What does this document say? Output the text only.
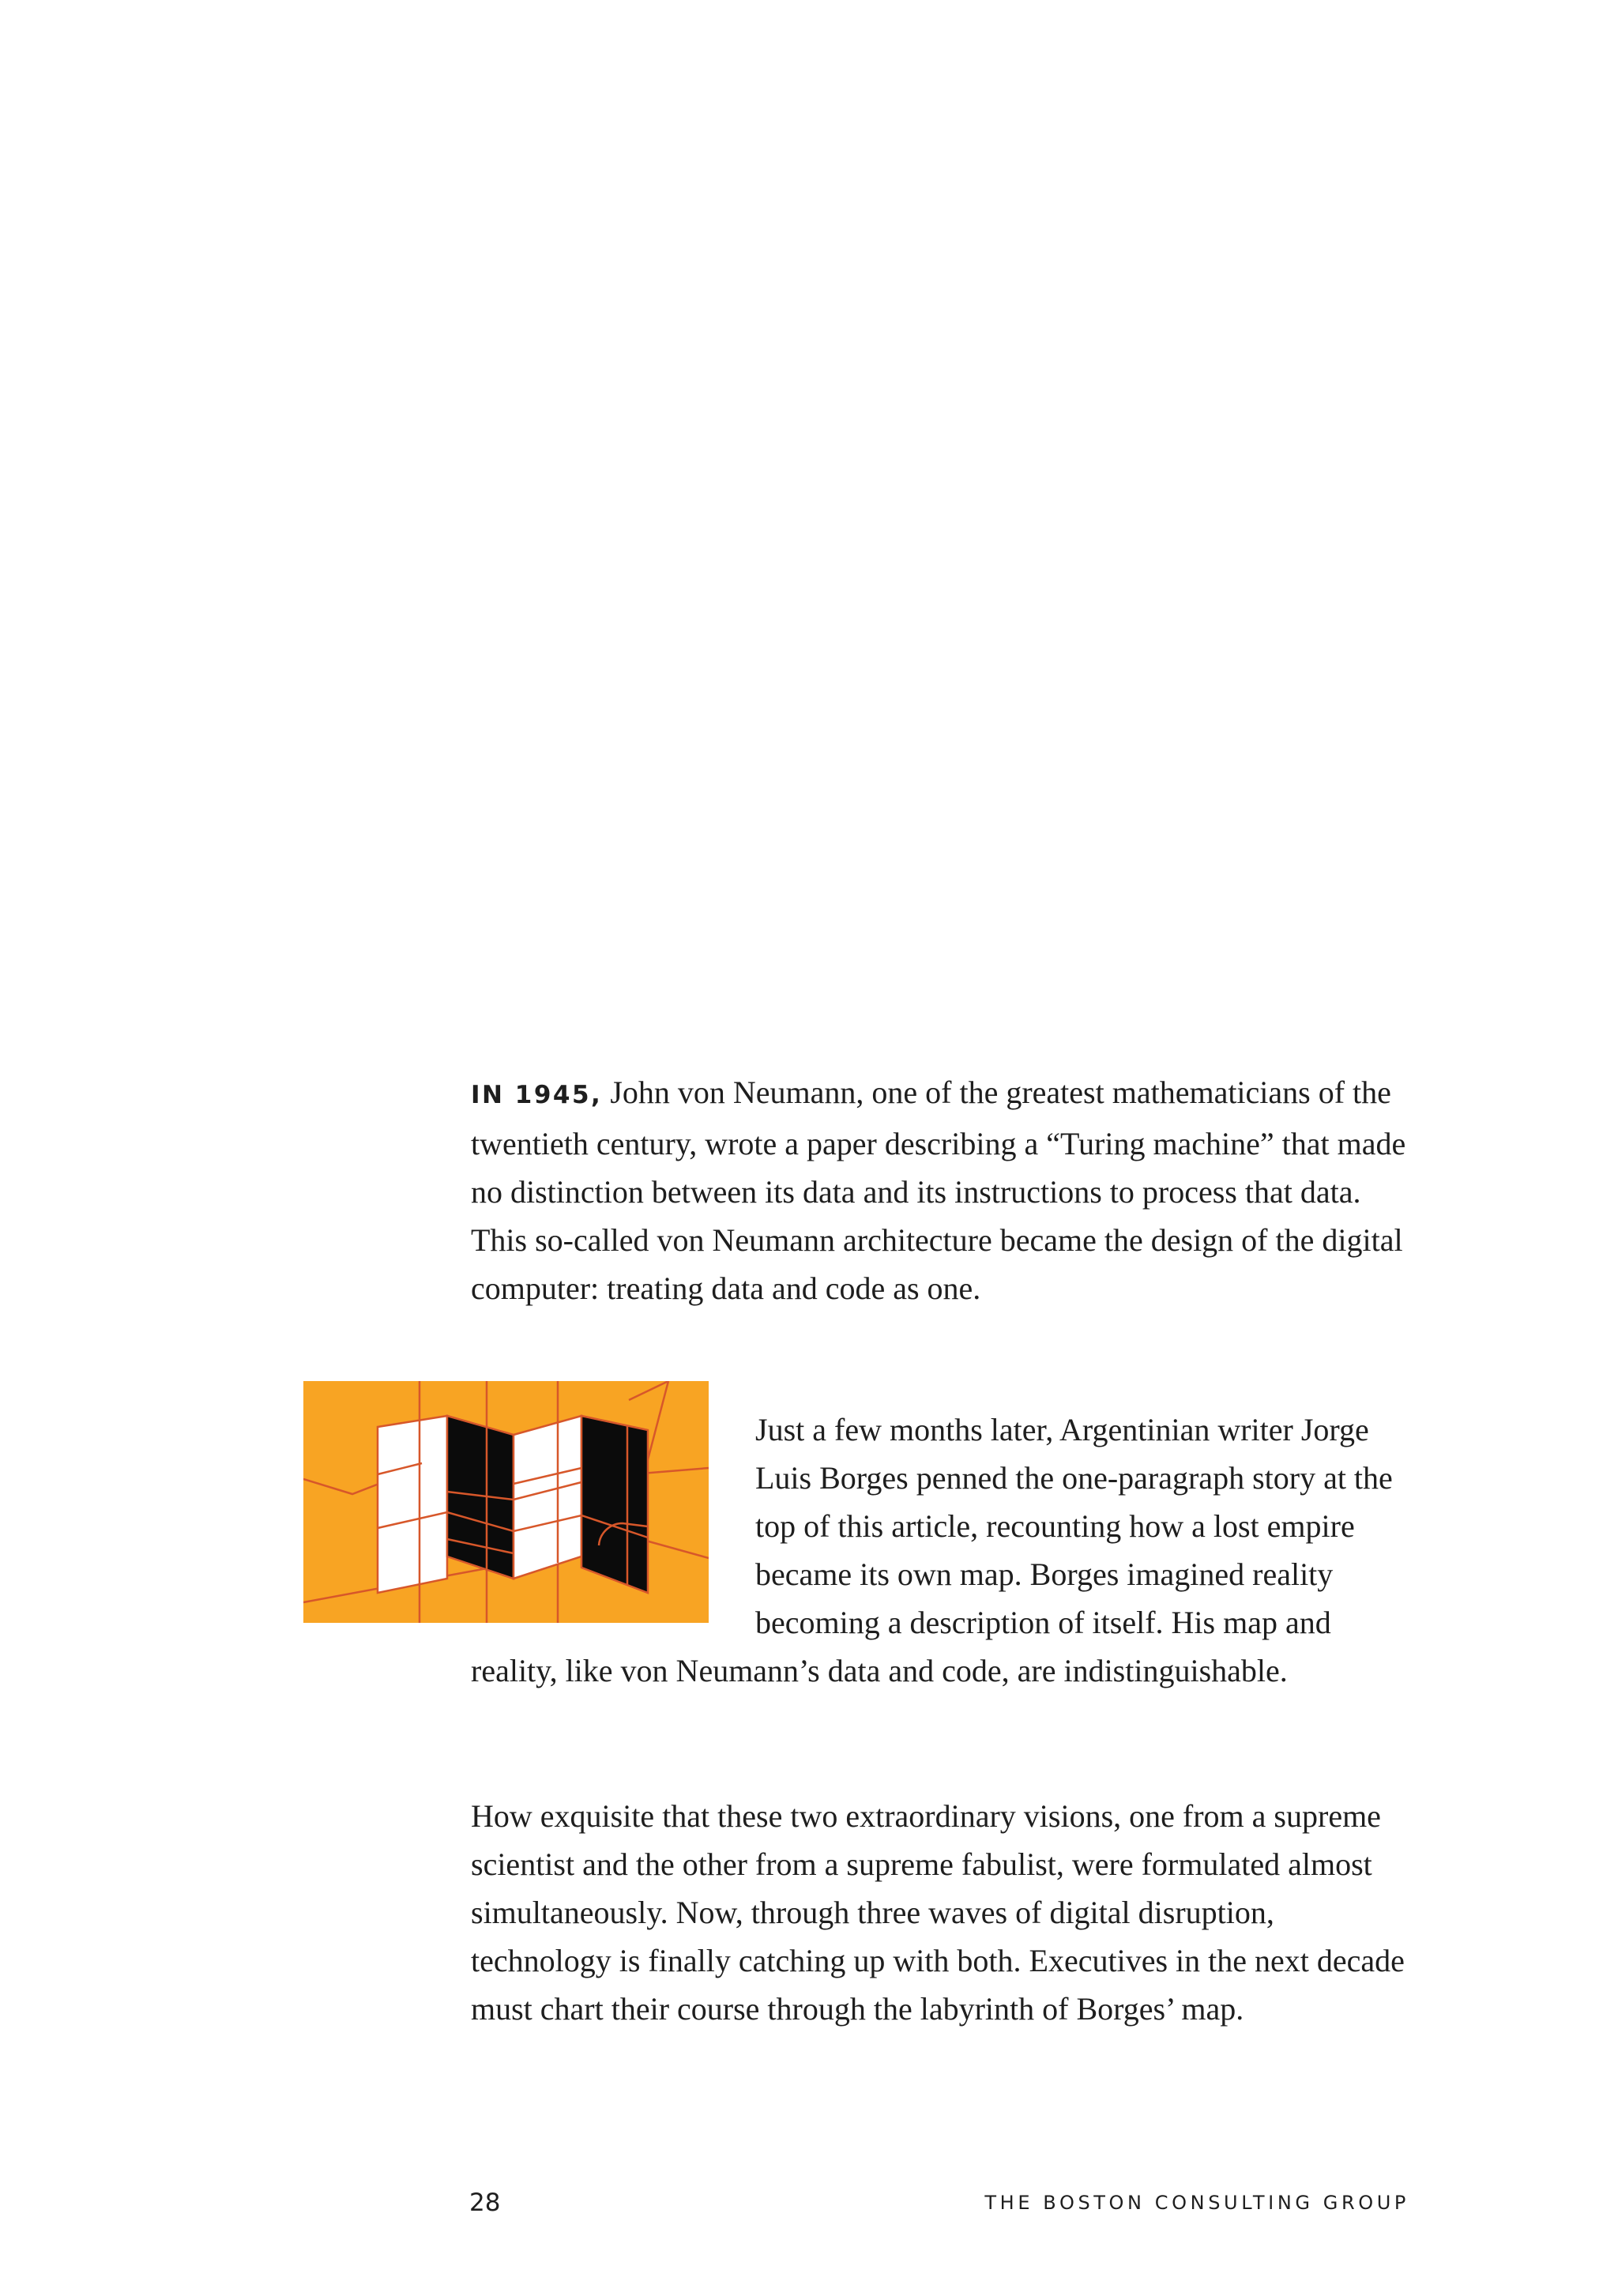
IN 1945, John von Neumann, one of the greatest mathematicians of the twentieth century, wrote a paper describing a “Turing machine” that made no distinction between its data and its instructions to process that data. This so-called von Neumann architecture became the design of the digital computer: treating data and code as one.

Just a few months later, Argentinian writer Jorge Luis Borges penned the one-paragraph story at the top of this article, recounting how a lost empire became its own map. Borges imagined reality becoming a description of itself. His map and reality, like von Neumann’s data and code, are indistinguishable.

How exquisite that these two extraordinary visions, one from a supreme scientist and the other from a supreme fabulist, were formulated almost simultaneously. Now, through three waves of digital disruption, technology is finally catching up with both. Executives in the next decade must chart their course through the labyrinth of Borges’ map.

28	THE BOSTON CONSULTING GROUP
